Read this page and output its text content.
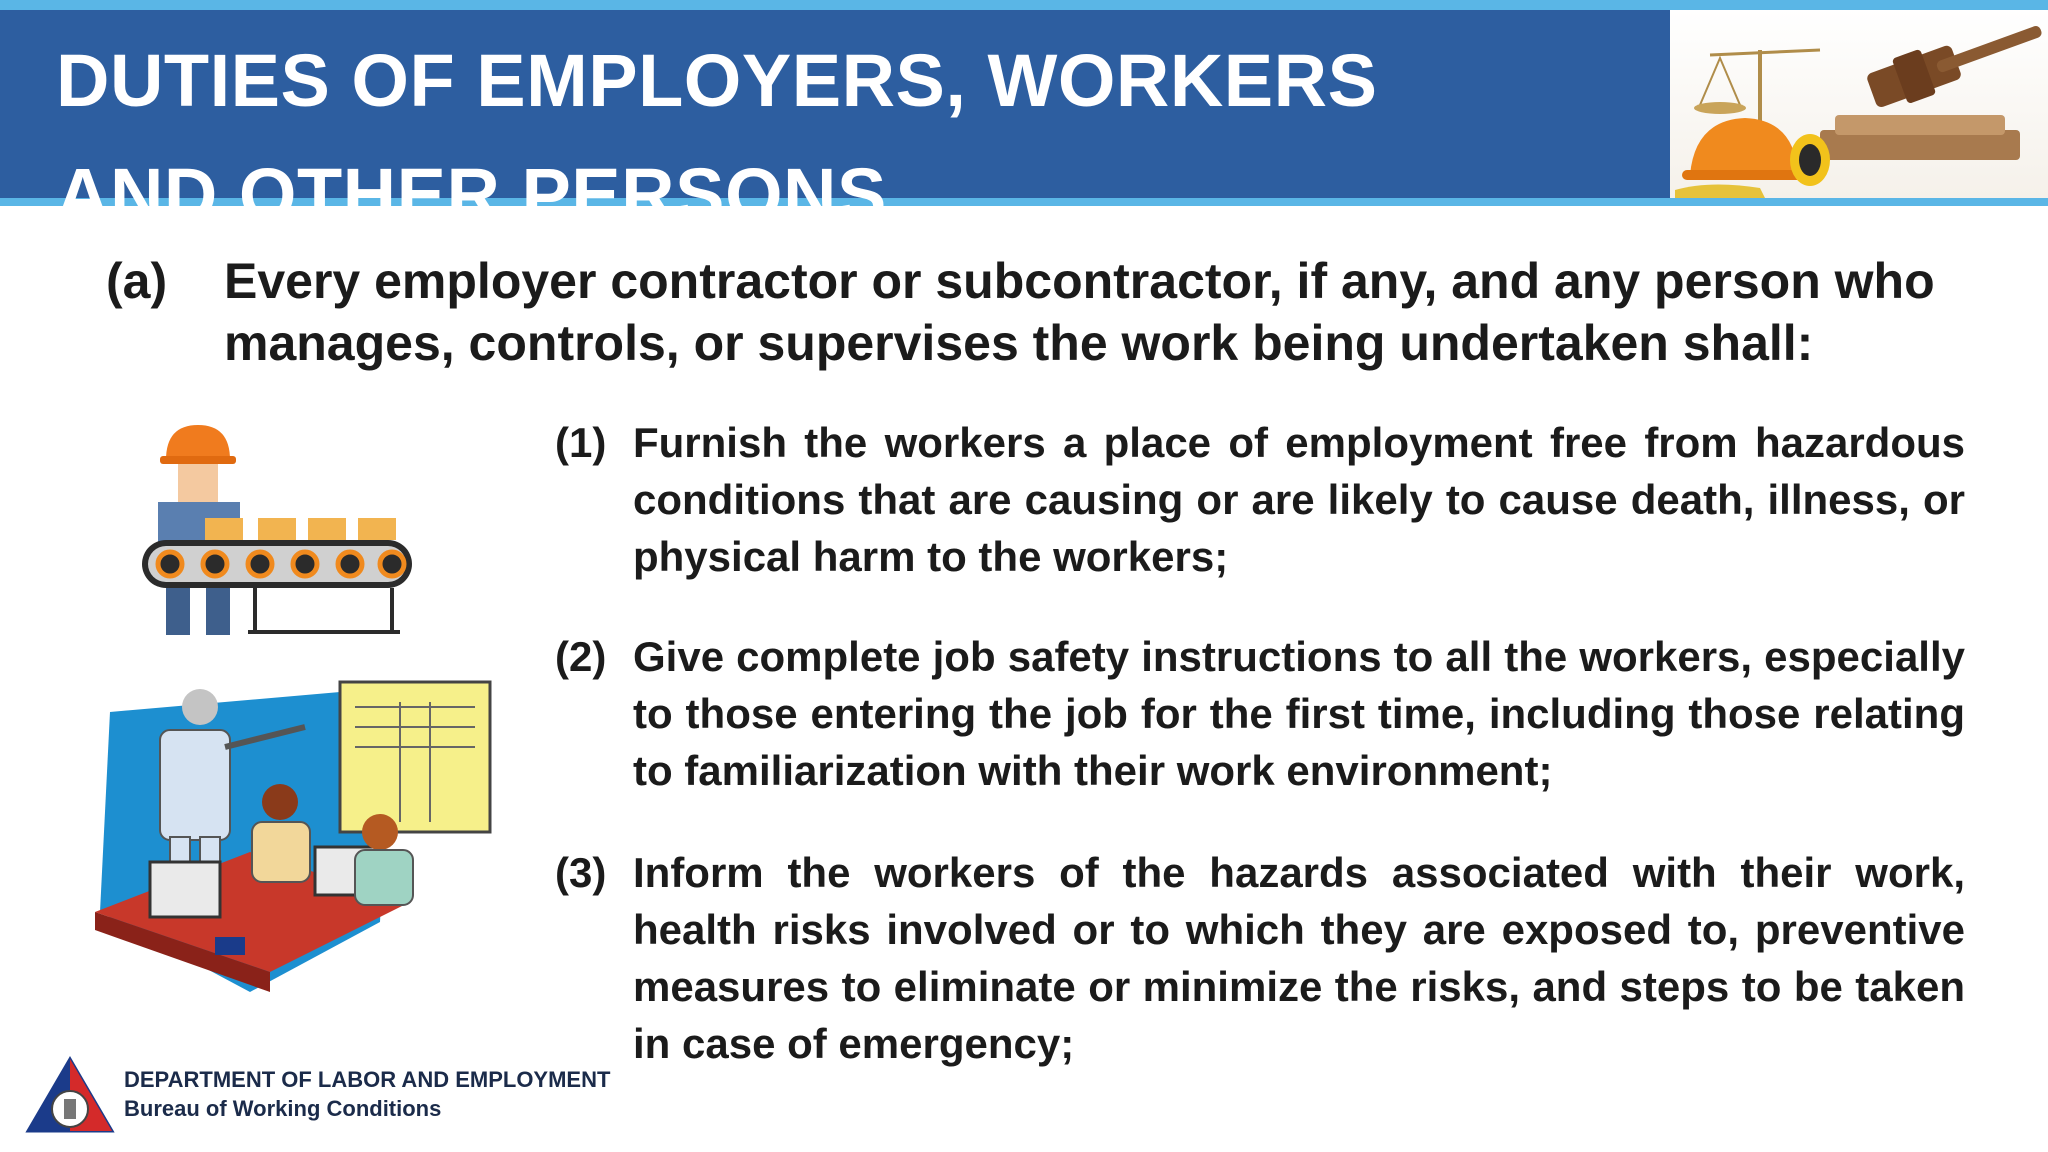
DUTIES OF EMPLOYERS, WORKERS
AND OTHER PERSONS
(a) Every employer contractor or subcontractor, if any, and any person who manages, controls, or supervises the work being undertaken shall:
(1) Furnish the workers a place of employment free from hazardous conditions that are causing or are likely to cause death, illness, or physical harm to the workers;
(2) Give complete job safety instructions to all the workers, especially to those entering the job for the first time, including those relating to familiarization with their work environment;
(3) Inform the workers of the hazards associated with their work, health risks involved or to which they are exposed to, preventive measures to eliminate or minimize the risks, and steps to be taken in case of emergency;
DEPARTMENT OF LABOR AND EMPLOYMENT
Bureau of Working Conditions
